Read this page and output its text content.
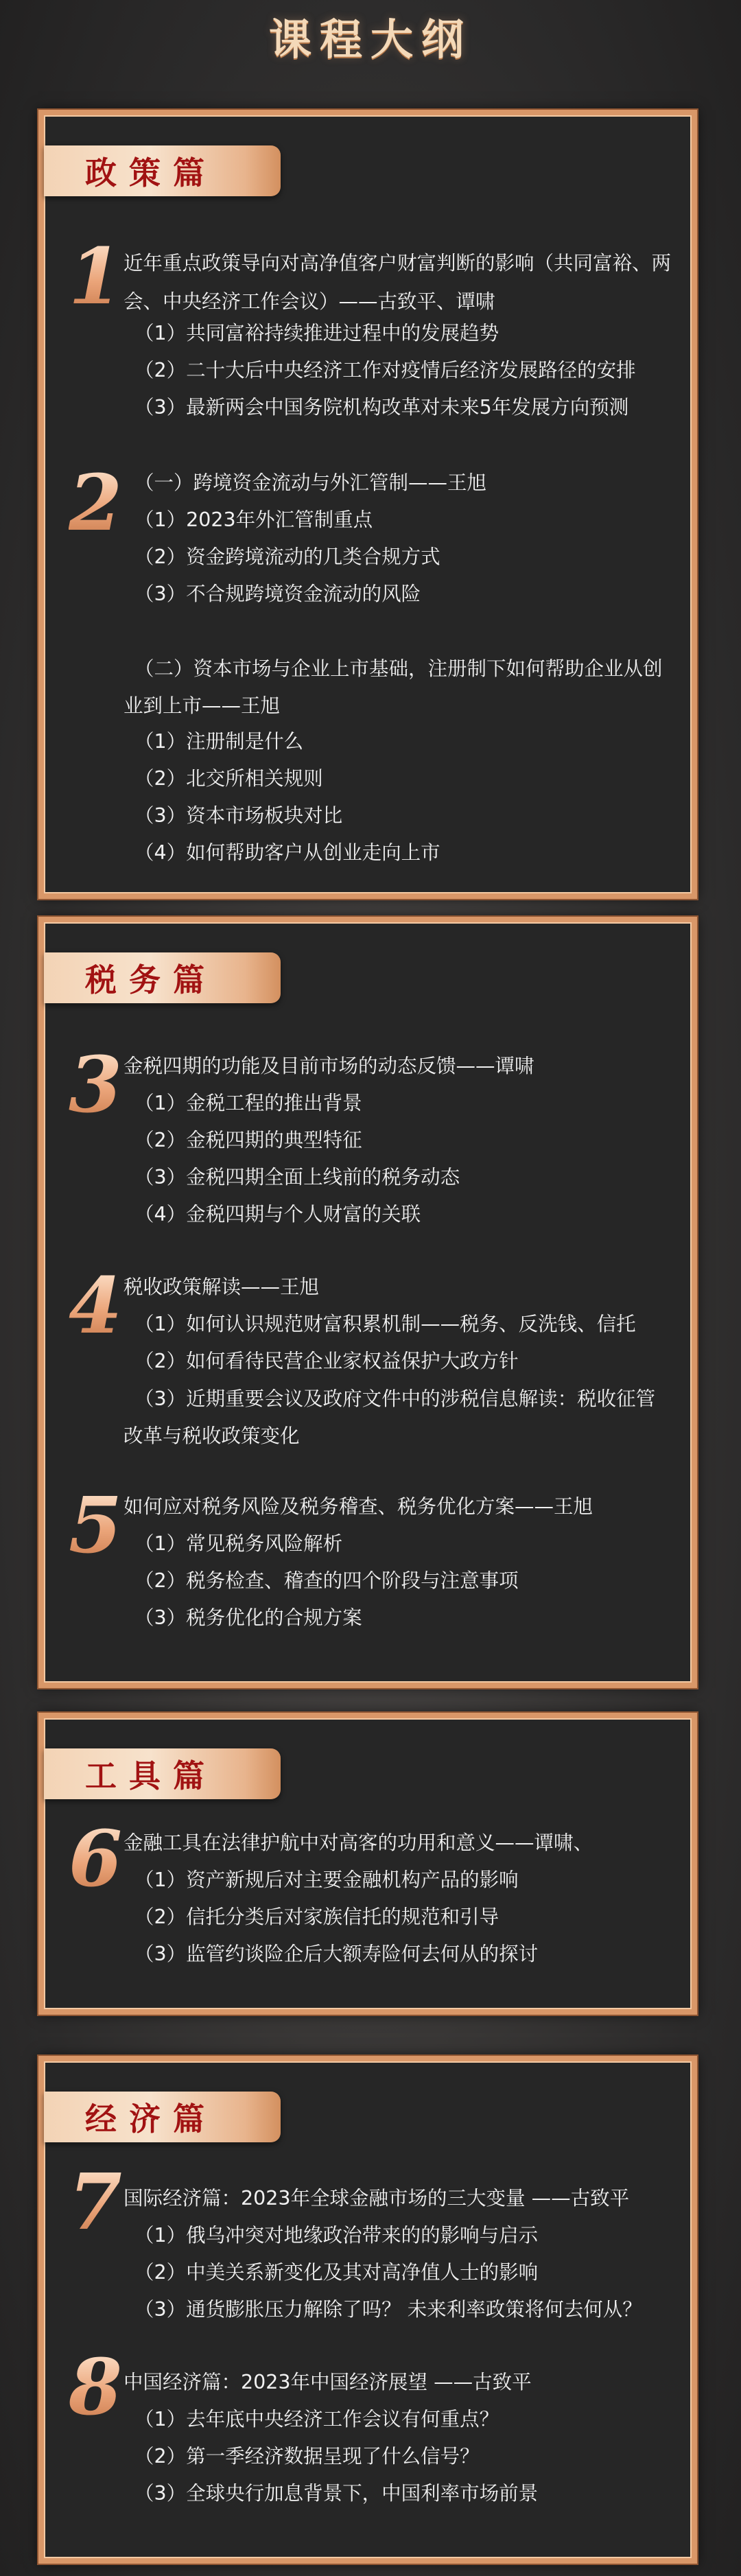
课程大纲
政策篇
1 近年重点政策导向对高净值客户财富判断的影响（共同富裕、两会、中央经济工作会议）——古致平、谭啸
（1）共同富裕持续推进过程中的发展趋势
（2）二十大后中央经济工作对疫情后经济发展路径的安排
（3）最新两会中国务院机构改革对未来5年发展方向预测
2 （一）跨境资金流动与外汇管制——王旭
（1）2023年外汇管制重点
（2）资金跨境流动的几类合规方式
（3）不合规跨境资金流动的风险
（二）资本市场与企业上市基础，注册制下如何帮助企业从创业到上市——王旭
（1）注册制是什么
（2）北交所相关规则
（3）资本市场板块对比
（4）如何帮助客户从创业走向上市
税务篇
3 金税四期的功能及目前市场的动态反馈——谭啸
（1）金税工程的推出背景
（2）金税四期的典型特征
（3）金税四期全面上线前的税务动态
（4）金税四期与个人财富的关联
4 税收政策解读——王旭
（1）如何认识规范财富积累机制——税务、反洗钱、信托
（2）如何看待民营企业家权益保护大政方针
（3）近期重要会议及政府文件中的涉税信息解读：税收征管改革与税收政策变化
5 如何应对税务风险及税务稽查、税务优化方案——王旭
（1）常见税务风险解析
（2）税务检查、稽查的四个阶段与注意事项
（3）税务优化的合规方案
工具篇
6 金融工具在法律护航中对高客的功用和意义——谭啸、
（1）资产新规后对主要金融机构产品的影响
（2）信托分类后对家族信托的规范和引导
（3）监管约谈险企后大额寿险何去何从的探讨
经济篇
7 国际经济篇：2023年全球金融市场的三大变量 ——古致平
（1）俄乌冲突对地缘政治带来的的影响与启示
（2）中美关系新变化及其对高净值人士的影响
（3）通货膨胀压力解除了吗？ 未来利率政策将何去何从？
8 中国经济篇：2023年中国经济展望 ——古致平
（1）去年底中央经济工作会议有何重点？
（2）第一季经济数据呈现了什么信号？
（3）全球央行加息背景下，中国利率市场前景
